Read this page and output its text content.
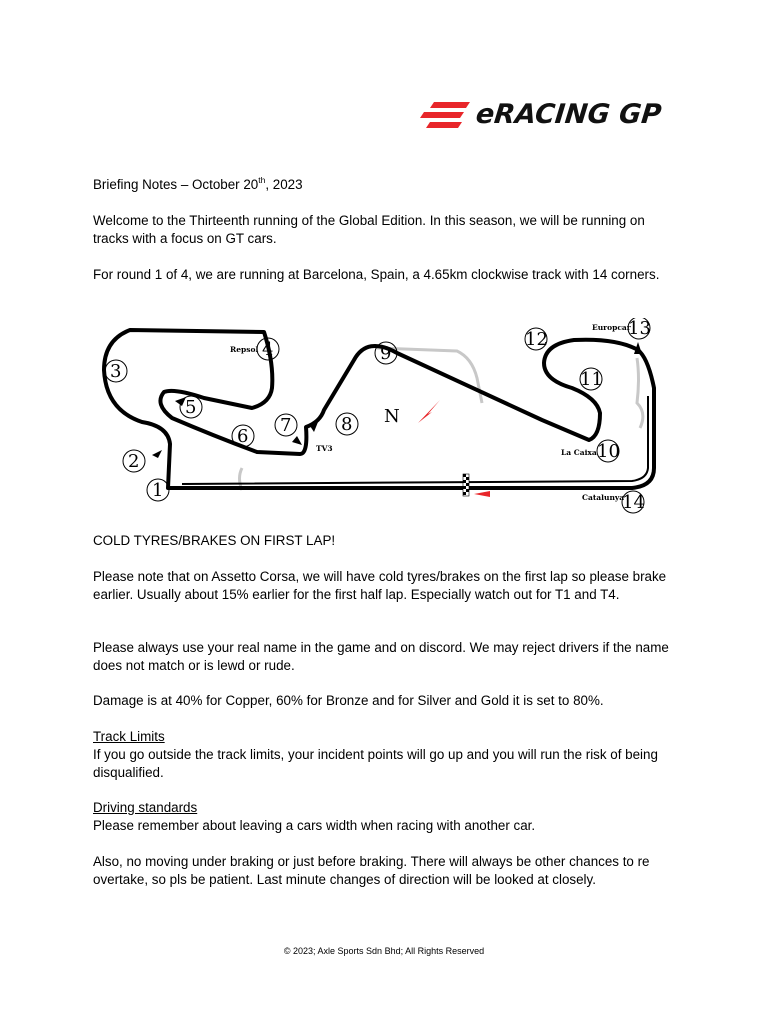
eRACING GP

Briefing Notes – October 20th, 2023

Welcome to the Thirteenth running of the Global Edition. In this season, we will be running on tracks with a focus on GT cars.

For round 1 of 4, we are running at Barcelona, Spain, a 4.65km clockwise track with 14 corners.

N
1
2
3
4
5
6
7	8
9
10
11
12
13
14
Repsol
TV3	La Caixa
Europcar
Catalunya

COLD TYRES/BRAKES ON FIRST LAP!

Please note that on Assetto Corsa, we will have cold tyres/brakes on the first lap so please brake earlier. Usually about 15% earlier for the first half lap. Especially watch out for T1 and T4.

Please always use your real name in the game and on discord. We may reject drivers if the name does not match or is lewd or rude.

Damage is at 40% for Copper, 60% for Bronze and for Silver and Gold it is set to 80%.

Track Limits

If you go outside the track limits, your incident points will go up and you will run the risk of being disqualified.

Driving standards

Please remember about leaving a cars width when racing with another car.

Also, no moving under braking or just before braking. There will always be other chances to re overtake, so pls be patient. Last minute changes of direction will be looked at closely.

© 2023; Axle Sports Sdn Bhd; All Rights Reserved
